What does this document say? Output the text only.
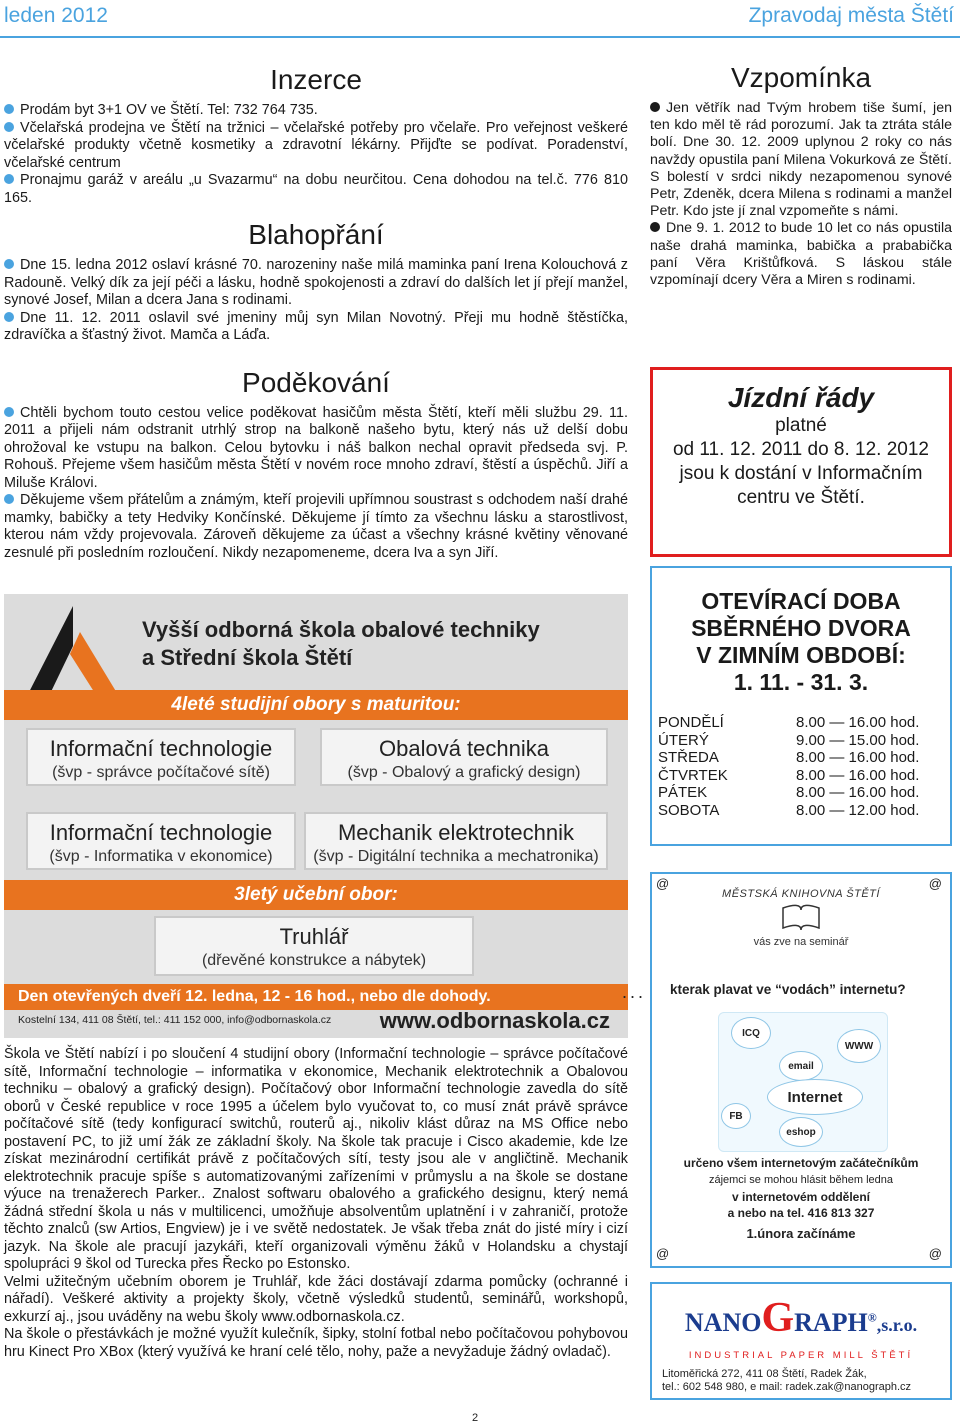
leden 2012	Zpravodaj města Štětí
Inzerce

Prodám byt 3+1 OV ve Štětí. Tel: 732 764 735.

Včelařská prodejna ve Štětí na tržnici – včelařské potřeby pro včelaře. Pro veřejnost veškeré včelařské produkty včetně kosmetiky a zdravotní lékárny. Přijďte se podívat. Poradenství, včelařské centrum

Pronajmu garáž v areálu „u Svazarmu“ na dobu neurčitou. Cena dohodou na tel.č. 776 810 165.

Blahopřání

Dne 15. ledna 2012 oslaví krásné 70. narozeniny naše milá maminka paní Irena Kolouchová z Radouně. Velký dík za její péči a lásku, hodně spokojenosti a zdraví do dalších let jí přejí manžel, synové Josef, Milan a dcera Jana s rodinami.

Dne 11. 12. 2011 oslavil své jmeniny můj syn Milan Novotný. Přeji mu hodně štěstíčka, zdravíčka a šťastný život. Mamča a Láďa.

Poděkování

Chtěli bychom touto cestou velice poděkovat hasičům města Štětí, kteří měli službu 29. 11. 2011 a přijeli nám odstranit utrhlý strop na balkoně našeho bytu, který nás už delší dobu ohrožoval ke vstupu na balkon. Celou bytovku i náš balkon nechal opravit předseda svj. P. Rohouš. Přejeme všem hasičům města Štětí v novém roce mnoho zdraví, štěstí a úspěchů. Jiří a Miluše Královi.

Děkujeme všem přátelům a známým, kteří projevili upřímnou soustrast s odchodem naší drahé mamky, babičky a tety Hedviky Končínské. Děkujeme jí tímto za všechnu lásku a starostlivost, kterou nám vždy projevovala. Zároveň děkujeme za účast a všechny krásné květiny věnované zesnulé při posledním rozloučení. Nikdy nezapomeneme, dcera Iva a syn Jiří.

Vyšší odborná škola obalové techniky
a Střední škola Štětí
4leté studijní obory s maturitou:
Informační technologie
(švp - správce počítačové sítě)
Obalová technika
(švp - Obalový a grafický design)
Informační technologie
(švp - Informatika v ekonomice)
Mechanik elektrotechnik
(švp - Digitální technika a mechatronika)
3letý učební obor:
Truhlář
(dřevěné konstrukce a nábytek)
Den otevřených dveří 12. ledna, 12 - 16 hod., nebo dle dohody.
Kostelní 134, 411 08 Štětí, tel.: 411 152 000, info@odbornaskola.cz www.odbornaskola.cz
...

Škola ve Štětí nabízí i po sloučení 4 studijní obory (Informační technologie – správce počítačové sítě, Informační technologie – informatika v ekonomice, Mechanik elektrotechnik a Obalovou techniku – obalový a grafický design). Počítačový obor Informační technologie zavedla do sítě oborů v České republice v roce 1995 a účelem bylo vyučovat to, co musí znát právě správce počítačové sítě (tedy konfigurací switchů, routerů aj., nikoliv klást důraz na MS Office nebo postavení PC, to již umí žák ze základní školy. Na škole tak pracuje i Cisco akademie, kde lze získat mezinárodní certifikát právě z počítačových sítí, testy jsou ale v angličtině. Mechanik elektrotechnik pracuje spíše s automatizovanými zařízeními v průmyslu a na škole se dostane výuce na trenažerech Parker.. Znalost softwaru obalového a grafického designu, který nemá žádná střední škola u nás v multilicenci, umožňuje absolventům uplatnění i v zahraničí, protože těchto znalců (sw Artios, Engview) je i ve světě nedostatek. Je však třeba znát do jisté míry i cizí jazyk. Na škole ale pracují jazykáři, kteří organizovali výměnu žáků v Holandsku a chystají spolupráci 9 škol od Turecka přes Řecko po Estonsko.

Velmi užitečným učebním oborem je Truhlář, kde žáci dostávají zdarma pomůcky (ochranné i nářadí). Veškeré aktivity a projekty školy, včetně výsledků studentů, seminářů, workshopů, exkurzí aj., jsou uváděny na webu školy www.odbornaskola.cz.

Na škole o přestávkách je možné využít kulečník, šipky, stolní fotbal nebo počítačovou pohybovou hru Kinect Pro XBox (který využívá ke hraní celé tělo, nohy, paže a nevyžaduje žádný ovladač).

Vzpomínka

Jen větřík nad Tvým hrobem tiše šumí, jen ten kdo měl tě rád porozumí. Jak ta ztráta stále bolí. Dne 30. 12. 2009 uplynou 2 roky co nás navždy opustila paní Milena Vokurková ze Štětí. S bolestí v srdci nikdy nezapomenou synové Petr, Zdeněk, dcera Milena s rodinami a manžel Petr. Kdo jste jí znal vzpomeňte s námi.

Dne 9. 1. 2012 to bude 10 let co nás opustila naše drahá maminka, babička a prababička paní Věra Krištůfková. S láskou stále vzpomínají dcery Věra a Miren s rodinami.

Jízdní řády
platné
od 11. 12. 2011 do 8. 12. 2012
jsou k dostání v Informačním
centru ve Štětí.
OTEVÍRACÍ DOBA
SBĚRNÉHO DVORA
V ZIMNÍM OBDOBÍ:
1. 11. - 31. 3.
PONDĚLÍ	8.00 — 16.00 hod.
ÚTERÝ	9.00 — 15.00 hod.
STŘEDA	8.00 — 16.00 hod.
ČTVRTEK	8.00 — 16.00 hod.
PÁTEK	8.00 — 16.00 hod.
SOBOTA	8.00 — 12.00 hod.
@	@
MĚSTSKÁ KNIHOVNA ŠTĚTÍ
vás zve na seminář
kterak plavat ve “vodách” internetu?
ICQ
WWW
email
Internet
FB
eshop
určeno všem internetovým začátečníkům
zájemci se mohou hlásit během ledna
v internetovém oddělení
a nebo na tel. 416 813 327
1.února začínáme
@	@
NANOGRAPH®,s.r.o.
INDUSTRIAL PAPER MILL ŠTĚTÍ
Litoměřická 272, 411 08 Štětí, Radek Žák,
tel.: 602 548 980, e mail: radek.zak@nanograph.cz
2
